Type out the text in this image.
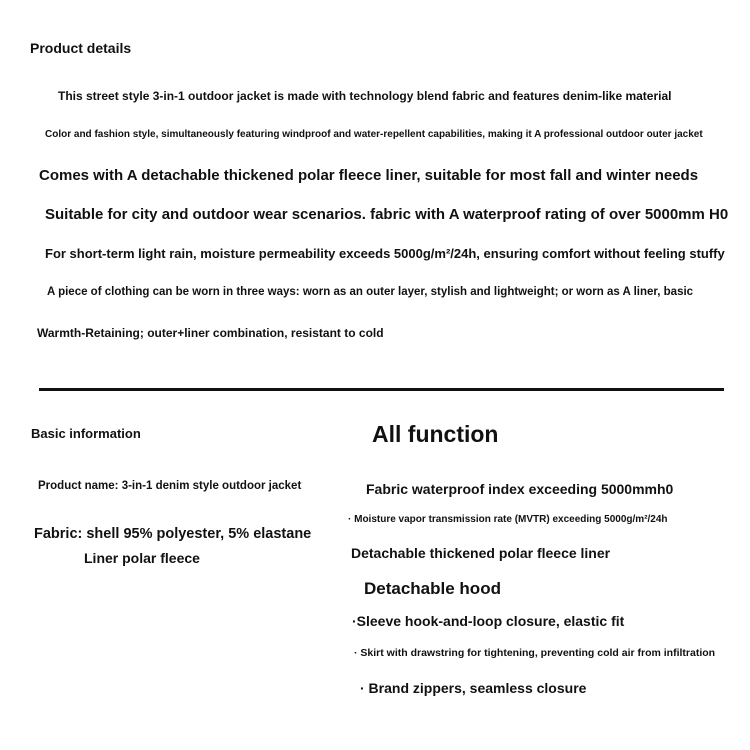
Product details
This street style 3-in-1 outdoor jacket is made with technology blend fabric and features denim-like material
Color and fashion style, simultaneously featuring windproof and water-repellent capabilities, making it A professional outdoor outer jacket
Comes with A detachable thickened polar fleece liner, suitable for most fall and winter needs
Suitable for city and outdoor wear scenarios. fabric with A waterproof rating of over 5000mm H0
For short-term light rain, moisture permeability exceeds 5000g/m²/24h, ensuring comfort without feeling stuffy
A piece of clothing can be worn in three ways: worn as an outer layer, stylish and lightweight; or worn as A liner, basic
Warmth-Retaining; outer+liner combination, resistant to cold
Basic information
Product name: 3-in-1 denim style outdoor jacket
Fabric: shell 95% polyester, 5% elastane
Liner polar fleece
All function
Fabric waterproof index exceeding 5000mmh0
· Moisture vapor transmission rate (MVTR) exceeding 5000g/m²/24h
Detachable thickened polar fleece liner
Detachable hood
·Sleeve hook-and-loop closure, elastic fit
· Skirt with drawstring for tightening, preventing cold air from infiltration
· Brand zippers, seamless closure
